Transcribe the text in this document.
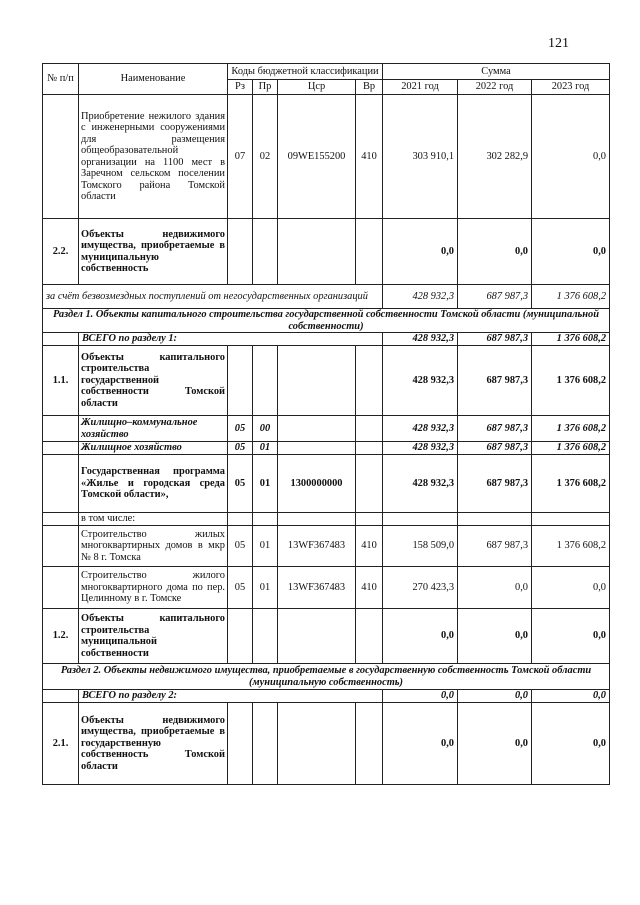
121
№ п/п	Наименование	Коды бюджетной классификации				Сумма		
		Рз	Пр	Цср	Вр	2021 год	2022 год	2023 год
	Приобретение нежилого здания с инженерными сооружениями для размещения общеобразовательной организации на 1100 мест в Заречном сельском поселении Томского района Томской области	07	02	09WE155200	410	303 910,1	302 282,9	0,0
2.2.	Объекты недвижимого имущества, приобретаемые в муниципальную собственность					0,0	0,0	0,0
за счёт безвозмездных поступлений от негосударственных организаций						428 932,3	687 987,3	1 376 608,2
Раздел 1. Объекты капитального строительства государственной собственности Томской области (муниципальной собственности)								
	ВСЕГО по разделу 1:					428 932,3	687 987,3	1 376 608,2
1.1.	Объекты капитального строительства государственной собственности Томской области					428 932,3	687 987,3	1 376 608,2
	Жилищно–коммунальное хозяйство	05	00			428 932,3	687 987,3	1 376 608,2
	Жилищное хозяйство	05	01			428 932,3	687 987,3	1 376 608,2
	Государственная программа «Жилье и городская среда Томской области»,	05	01	1300000000		428 932,3	687 987,3	1 376 608,2
	в том числе:							
	Строительство жилых многоквартирных домов в мкр № 8 г. Томска	05	01	13WF367483	410	158 509,0	687 987,3	1 376 608,2
	Строительство жилого многоквартирного дома по пер. Целинному в г. Томске	05	01	13WF367483	410	270 423,3	0,0	0,0
1.2.	Объекты капитального строительства муниципальной собственности					0,0	0,0	0,0
Раздел 2. Объекты недвижимого имущества, приобретаемые в государственную собственность Томской области (муниципальную собственность)								
	ВСЕГО по разделу 2:					0,0	0,0	0,0
2.1.	Объекты недвижимого имущества, приобретаемые в государственную собственность Томской области					0,0	0,0	0,0
